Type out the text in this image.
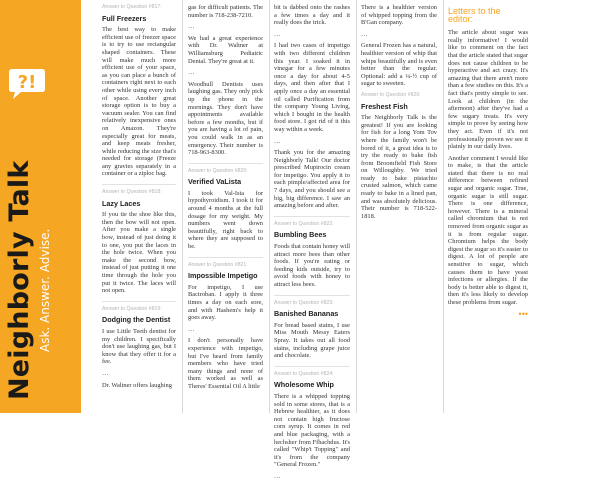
?!
Neighborly Talk Ask. Answer. Advise.
Answer to Question #817:
Full Freezers

The best way to make efficient use of freezer space is to try to use rectangular shaped containers. These will make much more efficient use of your space, as you can place a bunch of containers right next to each other while using every inch of space. Another great storage option is to buy a vacuum sealer. You can find relatively inexpensive ones on Amazon. They're especially great for meats, and keep meats fresher, while reducing the size that's needed for storage (Freeze any gravies separately in a container or a ziploc bag.

Answer to Question #818:
Lazy Laces

If you tie the shoe like this, then the bow will not open. After you make a single bow, instead of just doing it to one, you put the laces in the hole twice. When you make the second bow, instead of just putting it one time through the hole you put it twice. The laces will not open.

Answer to Question #819:
Dodging the Dentist

I use Little Teeth dentist for my children. I specifically don't use laughing gas, but I know that they offer it for a fee.

…

Dr. Waltner offers laughing

gas for difficult patients. The number is 718-238-7210.

…

We had a great experience with Dr. Waltner at Williamsburg Pediatric Dental. They're great at it.

…

Woodhull Dentists uses laughing gas. They only pick up the phone in the mornings. They don't have appointments available before a few months, but if you are having a lot of pain, you could walk in as an emergency. Their number is 718-963-8300.

Answer to Question #820:
Verified VaLista

I took Val-Ista for hypothyroidism. I took it for around 4 months at the full dosage for my weight. My numbers went down beautifully, right back to where they are supposed to be.

Answer to Question #821:
Impossible Impetigo

For impetigo, I use Bactroban. I apply it three times a day on each sore, and with Hashem's help it goes away.

…

I don't personally have experience with impetigo, but I've heard from family members who have tried many things and none of them worked as well as Theres' Essential Oil A little

bit is dabbed onto the rashes a few times a day and it really does the trick.

…

I had two cases of impetigo with two different children this year. I soaked it in vinegar for a few minutes once a day for about 4-5 days, and then after that I apply once a day an essential oil called Purification from the company Young Living, which I bought in the health food store. I got rid of it this way within a week.

…

Thank you for the amazing Neighborly Talk! Our doctor prescribed Mupirocin cream for impetigo. You apply it to each pimple/affected area for 7 days, and you should see a big, big difference. I saw an amazing before and after.

Answer to Question #822:
Bumbling Bees

Foods that contain honey will attract more bees than other foods. If you're eating or feeding kids outside, try to avoid foods with honey to attract less bees.

Answer to Question #823:
Banished Bananas

For bread based stains, I use Miss Mouth Messy Eaters Spray. It takes out all food stains, including grape juice and chocolate.

Answer to Question #824:
Wholesome Whip

There is a whipped topping sold in some stores, that is a Hebrew healthier, as it does not contain high fructose corn syrup. It comes in red and blue packaging, with a hechsher from Ffhachdus. It's called "Whip't Topping" and it's from the company "General Frozen."

…

There is a healthier version of whipped topping from the B'Gan company.

…

General Frozen has a natural, healthier version of whip that whips beautifully and is even better than the regular. Optional: add a ¼-½ cup of sugar to sweeten.

Answer to Question #826:
Freshest Fish

The Neighborly Talk is the greatest! If you are looking for fish for a long Yom Tov where the family won't be bored of it, a great idea is to try the ready to bake fish from Broomfield Fish Store on Willoughby. We tried ready to bake pistachio crusted salmon, which came ready to bake in a lined pan, and was absolutely delicious. Their number is 718-522-1818.

Letters to the editor:

The article about sugar was really informative! I would like to comment on the fact that the article stated that sugar does not cause children to be hyperactive and act crazy. It's amazing that there aren't more than a few studies on this. It's a fact that's pretty simple to see. Look at children (in the afternoon) after they've had a few sugary treats. It's very simple to prove by seeing how they act. Even if it's not professionally proven we see it plainly in our daily lives.

Another comment I would like to make, is that the article stated that there is no real difference between refined sugar and organic sugar. True, organic sugar is still sugar. There is one difference, however. There is a mineral called chromium that is not removed from organic sugar as it is from regular sugar. Chromium helps the body digest the sugar so it's easier to digest. A lot of people are sensitive to sugar, which causes them to have yeast infections or allergies. If the body is better able to digest it, then it's less likely to develop these problems from sugar.

•••
